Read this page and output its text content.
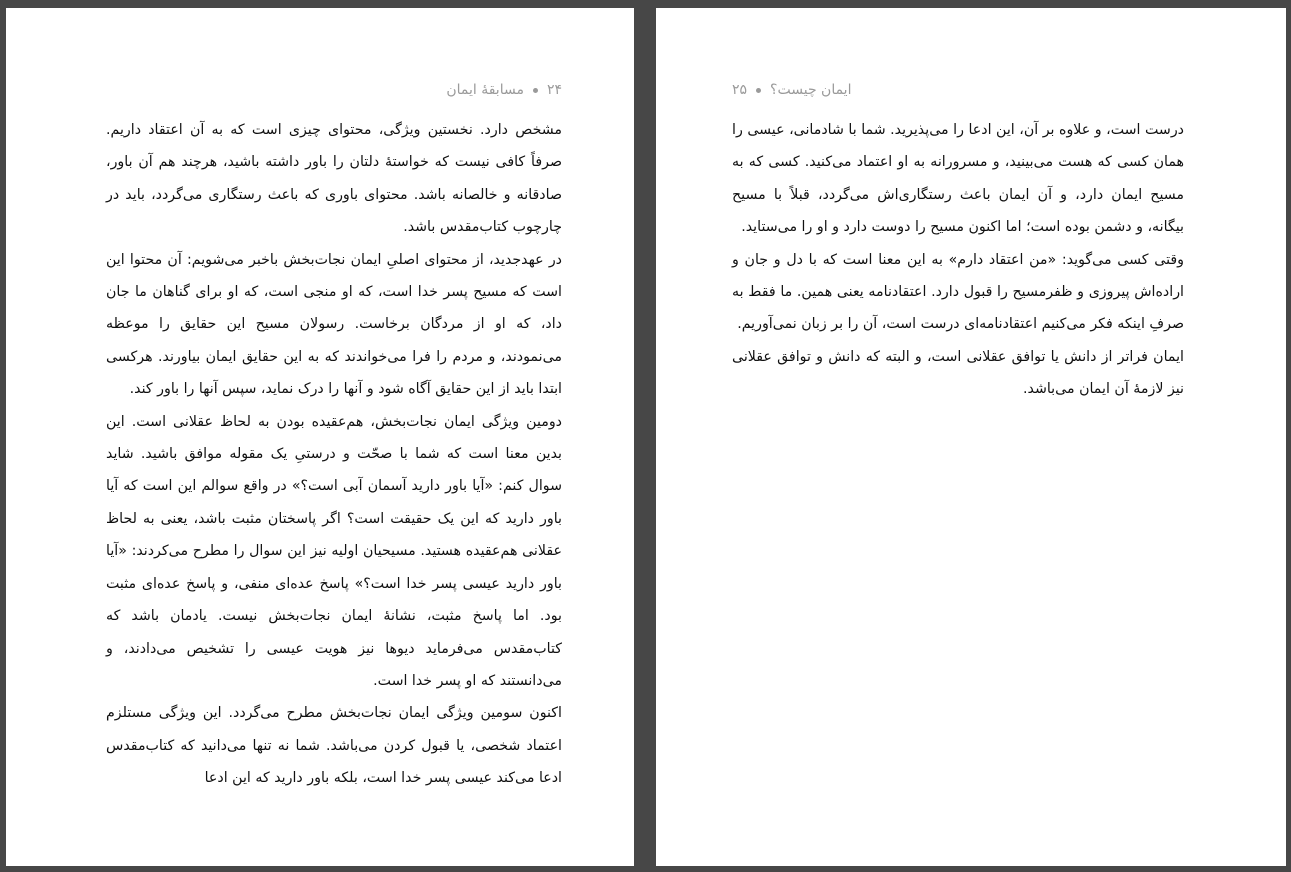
۲۴مسابقهٔ ایمان

مشخص دارد. نخستین ویژگی، محتوای چیزی است که به آن اعتقاد داریم. صرفاً کافی نیست که خواستهٔ دلتان را باور داشته باشید، هرچند هم آن باور، صادقانه و خالصانه باشد. محتوای باوری که باعث رستگاری می‌گردد، باید در چارچوب کتاب‌مقدس باشد.

در عهدجدید، از محتوای اصلیِ ایمان نجات‌بخش باخبر می‌شویم: آن محتوا این است که مسیح پسر خدا است، که او منجی است، که او برای گناهان ما جان داد، که او از مردگان برخاست. رسولان مسیح این حقایق را موعظه می‌نمودند، و مردم را فرا می‌خواندند که به این حقایق ایمان بیاورند. هرکسی ابتدا باید از این حقایق آگاه شود و آنها را درک نماید، سپس آنها را باور کند.

دومین ویژگی ایمان نجات‌بخش، هم‌عقیده بودن به لحاظ عقلانی است. این بدین معنا است که شما با صحّت و درستیِ یک مقوله موافق باشید. شاید سوال کنم: «آیا باور دارید آسمان آبی است؟» در واقع سوالم این است که آیا باور دارید که این یک حقیقت است؟ اگر پاسختان مثبت باشد، یعنی به لحاظ عقلانی هم‌عقیده هستید. مسیحیان اولیه نیز این سوال را مطرح می‌کردند: «آیا باور دارید عیسی پسر خدا است؟» پاسخ عده‌ای منفی، و پاسخ عده‌ای مثبت بود. اما پاسخ مثبت، نشانهٔ ایمان نجات‌بخش نیست. یادمان باشد که کتاب‌مقدس می‌فرماید دیوها نیز هویت عیسی را تشخیص می‌دادند، و می‌دانستند که او پسر خدا است.

اکنون سومین ویژگی ایمان نجات‌بخش مطرح می‌گردد. این ویژگی مستلزم اعتماد شخصی، یا قبول کردن می‌باشد. شما نه تنها می‌دانید که کتاب‌مقدس ادعا می‌کند عیسی پسر خدا است، بلکه باور دارید که این ادعا

۲۵ ایمان چیست؟

درست است، و علاوه بر آن، این ادعا را می‌پذیرید. شما با شادمانی، عیسی را همان کسی که هست می‌بینید، و مسرورانه به او اعتماد می‌کنید. کسی که به مسیح ایمان دارد، و آن ایمان باعث رستگاری‌اش می‌گردد، قبلاً با مسیح بیگانه، و دشمن بوده است؛ اما اکنون مسیح را دوست دارد و او را می‌ستاید.

وقتی کسی می‌گوید: «من اعتقاد دارم» به این معنا است که با دل و جان و اراده‌اش پیروزی و ظفرمسیح را قبول دارد. اعتقادنامه یعنی همین. ما فقط به صرفِ اینکه فکر می‌کنیم اعتقادنامه‌ای درست است، آن را بر زبان نمی‌آوریم.

ایمان فراتر از دانش یا توافق عقلانی است، و البته که دانش و توافق عقلانی نیز لازمهٔ آن ایمان می‌باشد.
